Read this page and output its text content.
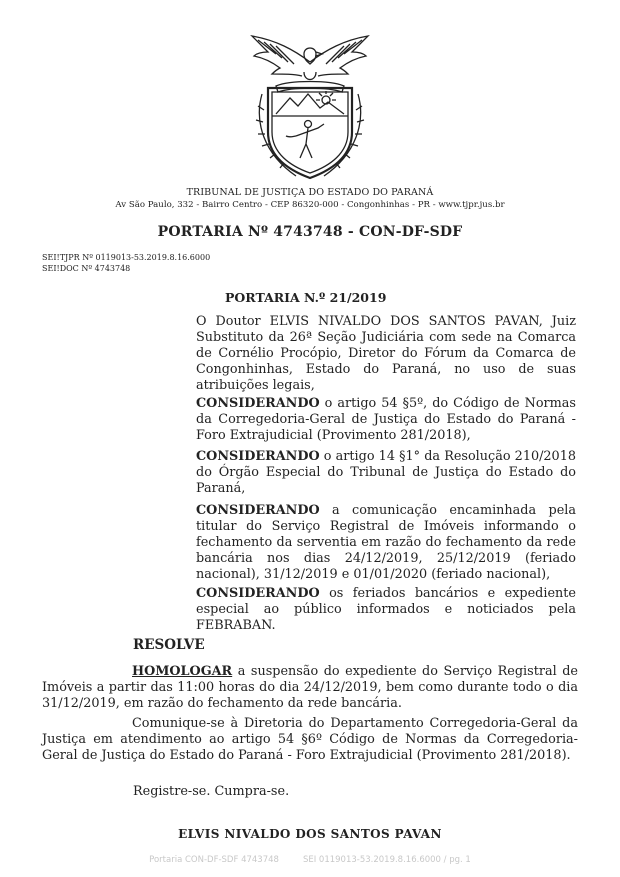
TRIBUNAL DE JUSTIÇA DO ESTADO DO PARANÁ
Av São Paulo, 332 - Bairro Centro - CEP 86320-000 - Congonhinhas - PR - www.tjpr.jus.br
PORTARIA Nº 4743748 - CON-DF-SDF
SEI!TJPR Nº 0119013-53.2019.8.16.6000
SEI!DOC Nº 4743748
PORTARIA N.º 21/2019
O Doutor ELVIS NIVALDO DOS SANTOS PAVAN, Juiz Substituto da 26ª Seção Judiciária com sede na Comarca de Cornélio Procópio, Diretor do Fórum da Comarca de Congonhinhas, Estado do Paraná, no uso de suas atribuições legais,
CONSIDERANDO o artigo 54 §5º, do Código de Normas da Corregedoria-Geral de Justiça do Estado do Paraná - Foro Extrajudicial (Provimento 281/2018),
CONSIDERANDO o artigo 14 §1° da Resolução 210/2018 do Órgão Especial do Tribunal de Justiça do Estado do Paraná,
CONSIDERANDO a comunicação encaminhada pela titular do Serviço Registral de Imóveis informando o fechamento da serventia em razão do fechamento da rede bancária nos dias 24/12/2019, 25/12/2019 (feriado nacional), 31/12/2019 e 01/01/2020 (feriado nacional),
CONSIDERANDO os feriados bancários e expediente especial ao público informados e noticiados pela FEBRABAN.
RESOLVE
HOMOLOGAR a suspensão do expediente do Serviço Registral de Imóveis a partir das 11:00 horas do dia 24/12/2019, bem como durante todo o dia 31/12/2019, em razão do fechamento da rede bancária.
Comunique-se à Diretoria do Departamento Corregedoria-Geral da Justiça em atendimento ao artigo 54 §6º Código de Normas da Corregedoria-Geral de Justiça do Estado do Paraná - Foro Extrajudicial (Provimento 281/2018).
Registre-se. Cumpra-se.
ELVIS NIVALDO DOS SANTOS PAVAN
Portaria CON-DF-SDF 4743748	SEI 0119013-53.2019.8.16.6000 / pg. 1
